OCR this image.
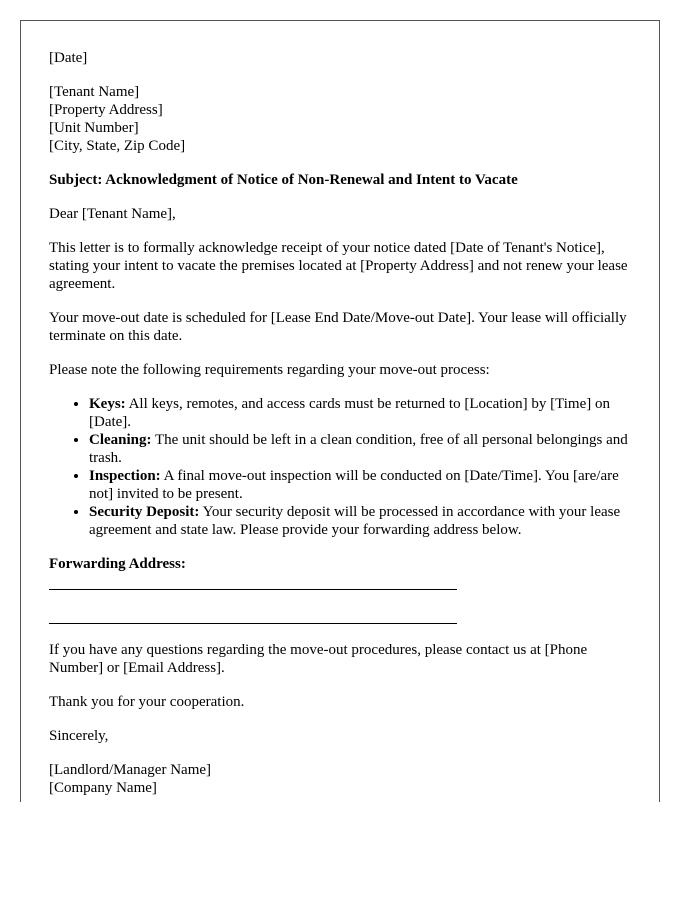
[Date]

[Tenant Name]
[Property Address]
[Unit Number]
[City, State, Zip Code]

Subject: Acknowledgment of Notice of Non-Renewal and Intent to Vacate

Dear [Tenant Name],

This letter is to formally acknowledge receipt of your notice dated [Date of Tenant's Notice], stating your intent to vacate the premises located at [Property Address] and not renew your lease agreement.

Your move-out date is scheduled for [Lease End Date/Move-out Date]. Your lease will officially terminate on this date.

Please note the following requirements regarding your move-out process:

• Keys: All keys, remotes, and access cards must be returned to [Location] by [Time] on [Date].
• Cleaning: The unit should be left in a clean condition, free of all personal belongings and trash.
• Inspection: A final move-out inspection will be conducted on [Date/Time]. You [are/are not] invited to be present.
• Security Deposit: Your security deposit will be processed in accordance with your lease agreement and state law. Please provide your forwarding address below.

Forwarding Address:

If you have any questions regarding the move-out procedures, please contact us at [Phone Number] or [Email Address].

Thank you for your cooperation.

Sincerely,

[Landlord/Manager Name]
[Company Name]
